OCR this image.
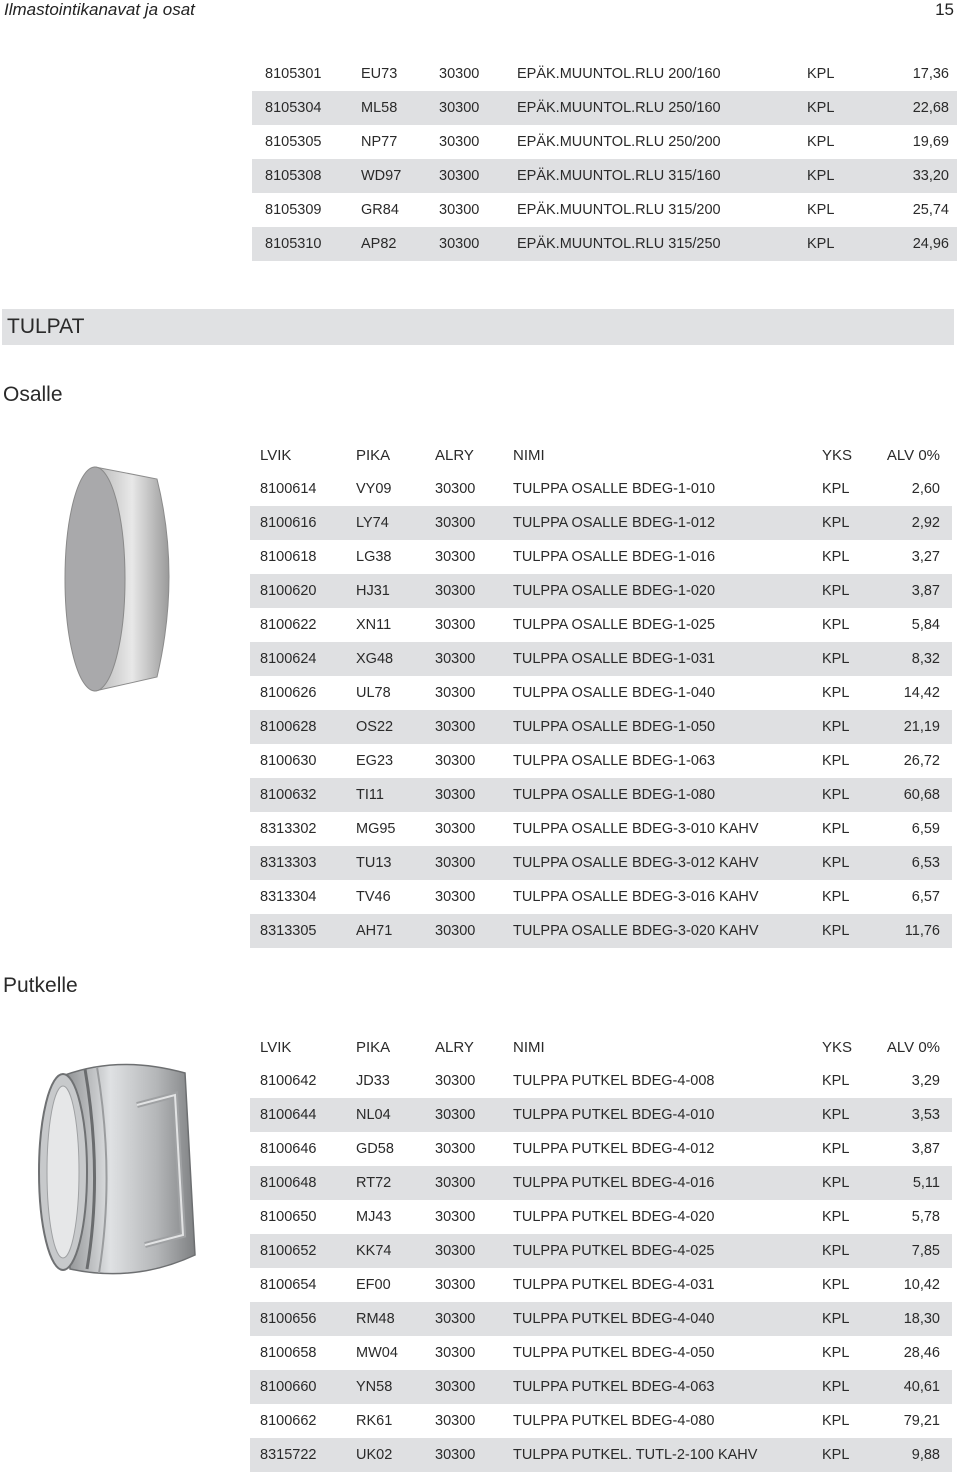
Ilmastointikanavat ja osat	15
8105301	EU73	30300	EPÄK.MUUNTOL.RLU 200/160	KPL	17,36
8105304	ML58	30300	EPÄK.MUUNTOL.RLU 250/160	KPL	22,68
8105305	NP77	30300	EPÄK.MUUNTOL.RLU 250/200	KPL	19,69
8105308	WD97	30300	EPÄK.MUUNTOL.RLU 315/160	KPL	33,20
8105309	GR84	30300	EPÄK.MUUNTOL.RLU 315/200	KPL	25,74
8105310	AP82	30300	EPÄK.MUUNTOL.RLU 315/250	KPL	24,96
TULPAT
Osalle
LVIK	PIKA	ALRY	NIMI	YKS	ALV 0%
8100614	VY09	30300	TULPPA OSALLE BDEG-1-010	KPL	2,60
8100616	LY74	30300	TULPPA OSALLE BDEG-1-012	KPL	2,92
8100618	LG38	30300	TULPPA OSALLE BDEG-1-016	KPL	3,27
8100620	HJ31	30300	TULPPA OSALLE BDEG-1-020	KPL	3,87
8100622	XN11	30300	TULPPA OSALLE BDEG-1-025	KPL	5,84
8100624	XG48	30300	TULPPA OSALLE BDEG-1-031	KPL	8,32
8100626	UL78	30300	TULPPA OSALLE BDEG-1-040	KPL	14,42
8100628	OS22	30300	TULPPA OSALLE BDEG-1-050	KPL	21,19
8100630	EG23	30300	TULPPA OSALLE BDEG-1-063	KPL	26,72
8100632	TI11	30300	TULPPA OSALLE BDEG-1-080	KPL	60,68
8313302	MG95	30300	TULPPA OSALLE BDEG-3-010 KAHV	KPL	6,59
8313303	TU13	30300	TULPPA OSALLE BDEG-3-012 KAHV	KPL	6,53
8313304	TV46	30300	TULPPA OSALLE BDEG-3-016 KAHV	KPL	6,57
8313305	AH71	30300	TULPPA OSALLE BDEG-3-020 KAHV	KPL	11,76
Putkelle
LVIK	PIKA	ALRY	NIMI	YKS	ALV 0%
8100642	JD33	30300	TULPPA PUTKEL BDEG-4-008	KPL	3,29
8100644	NL04	30300	TULPPA PUTKEL BDEG-4-010	KPL	3,53
8100646	GD58	30300	TULPPA PUTKEL BDEG-4-012	KPL	3,87
8100648	RT72	30300	TULPPA PUTKEL BDEG-4-016	KPL	5,11
8100650	MJ43	30300	TULPPA PUTKEL BDEG-4-020	KPL	5,78
8100652	KK74	30300	TULPPA PUTKEL BDEG-4-025	KPL	7,85
8100654	EF00	30300	TULPPA PUTKEL BDEG-4-031	KPL	10,42
8100656	RM48	30300	TULPPA PUTKEL BDEG-4-040	KPL	18,30
8100658	MW04	30300	TULPPA PUTKEL BDEG-4-050	KPL	28,46
8100660	YN58	30300	TULPPA PUTKEL BDEG-4-063	KPL	40,61
8100662	RK61	30300	TULPPA PUTKEL BDEG-4-080	KPL	79,21
8315722	UK02	30300	TULPPA PUTKEL. TUTL-2-100 KAHV	KPL	9,88
